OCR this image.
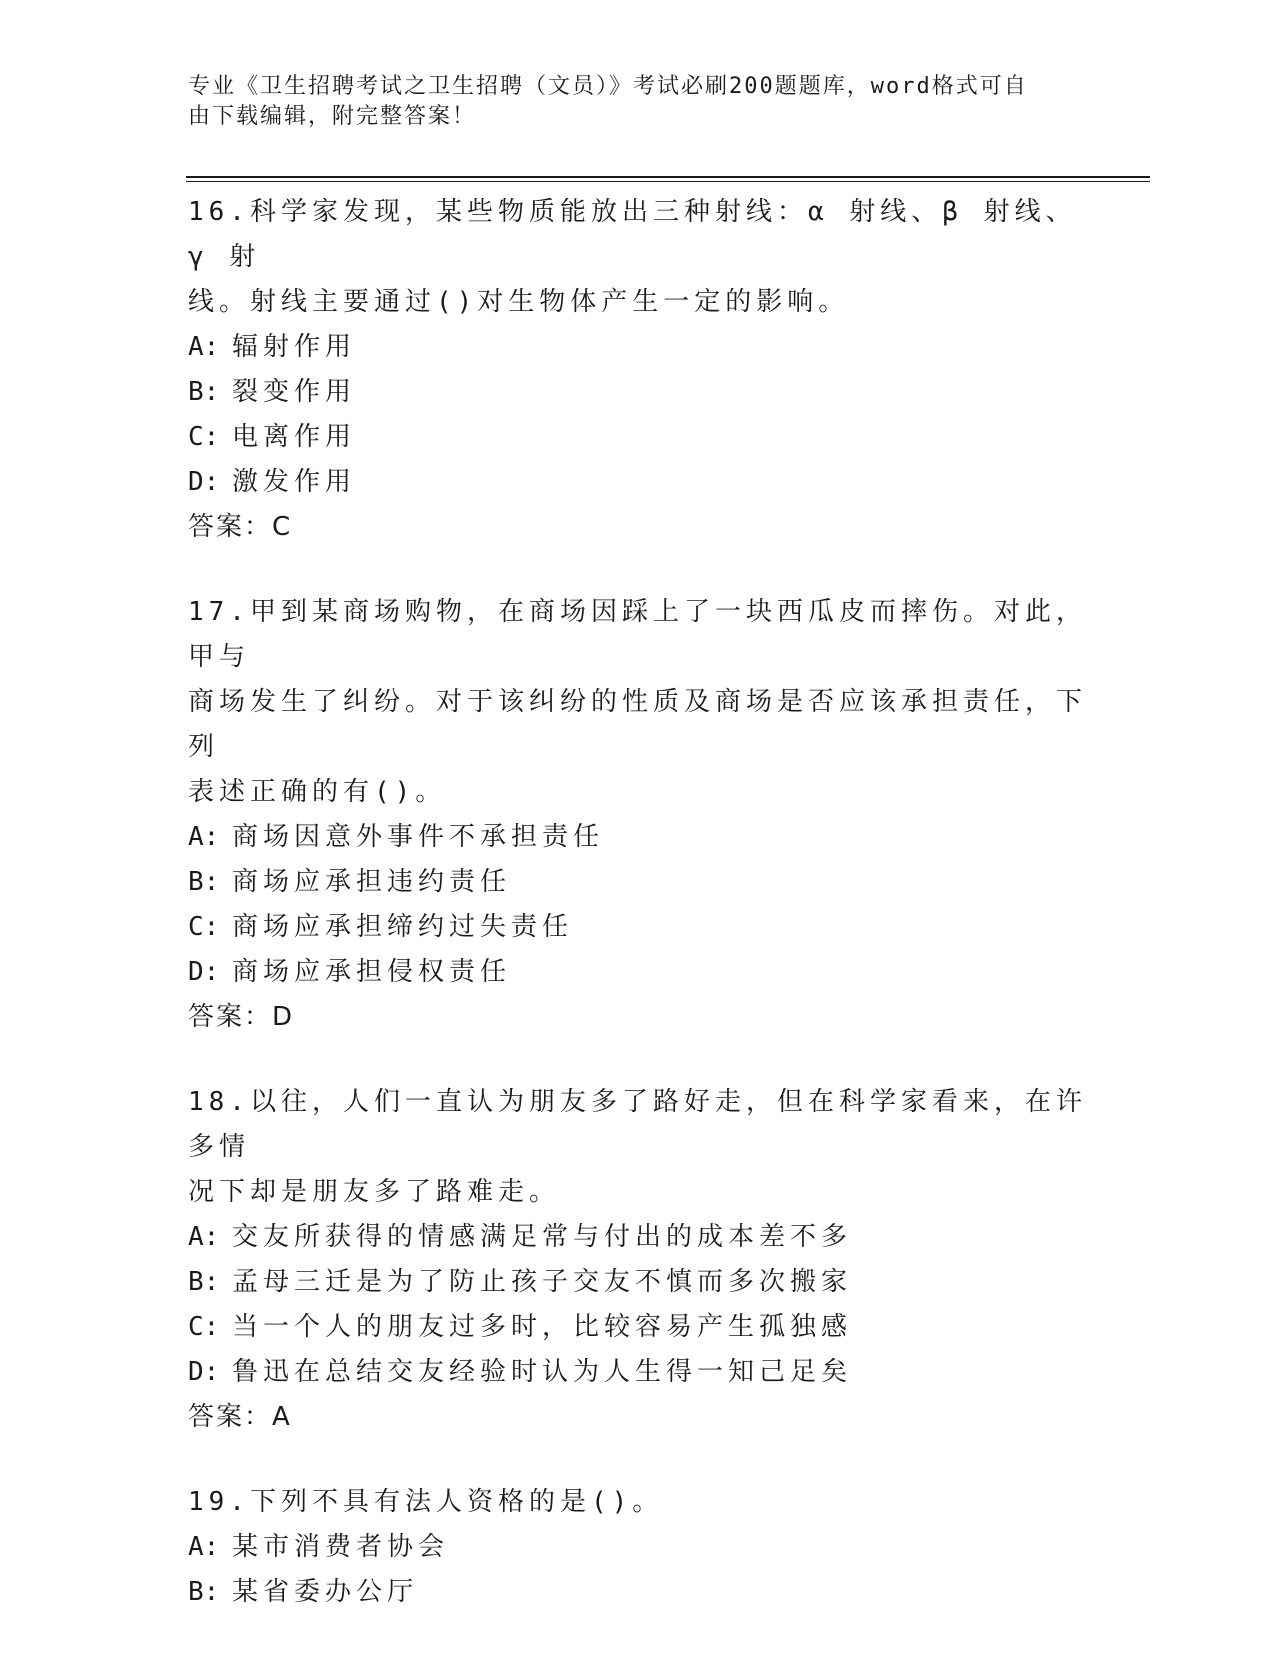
专业《卫生招聘考试之卫生招聘（文员）》考试必刷200题题库，word格式可自
由下载编辑，附完整答案！

16.科学家发现，某些物质能放出三种射线：α 射线、β 射线、γ 射

线。射线主要通过()对生物体产生一定的影响。

A: 辐射作用

B: 裂变作用

C: 电离作用

D: 激发作用

答案：C

17.甲到某商场购物，在商场因踩上了一块西瓜皮而摔伤。对此，甲与

商场发生了纠纷。对于该纠纷的性质及商场是否应该承担责任，下列

表述正确的有()。

A: 商场因意外事件不承担责任

B: 商场应承担违约责任

C: 商场应承担缔约过失责任

D: 商场应承担侵权责任

答案：D

18.以往，人们一直认为朋友多了路好走，但在科学家看来，在许多情

况下却是朋友多了路难走。

A: 交友所获得的情感满足常与付出的成本差不多

B: 孟母三迁是为了防止孩子交友不慎而多次搬家

C: 当一个人的朋友过多时，比较容易产生孤独感

D: 鲁迅在总结交友经验时认为人生得一知己足矣

答案：A

19.下列不具有法人资格的是()。

A: 某市消费者协会

B: 某省委办公厅
